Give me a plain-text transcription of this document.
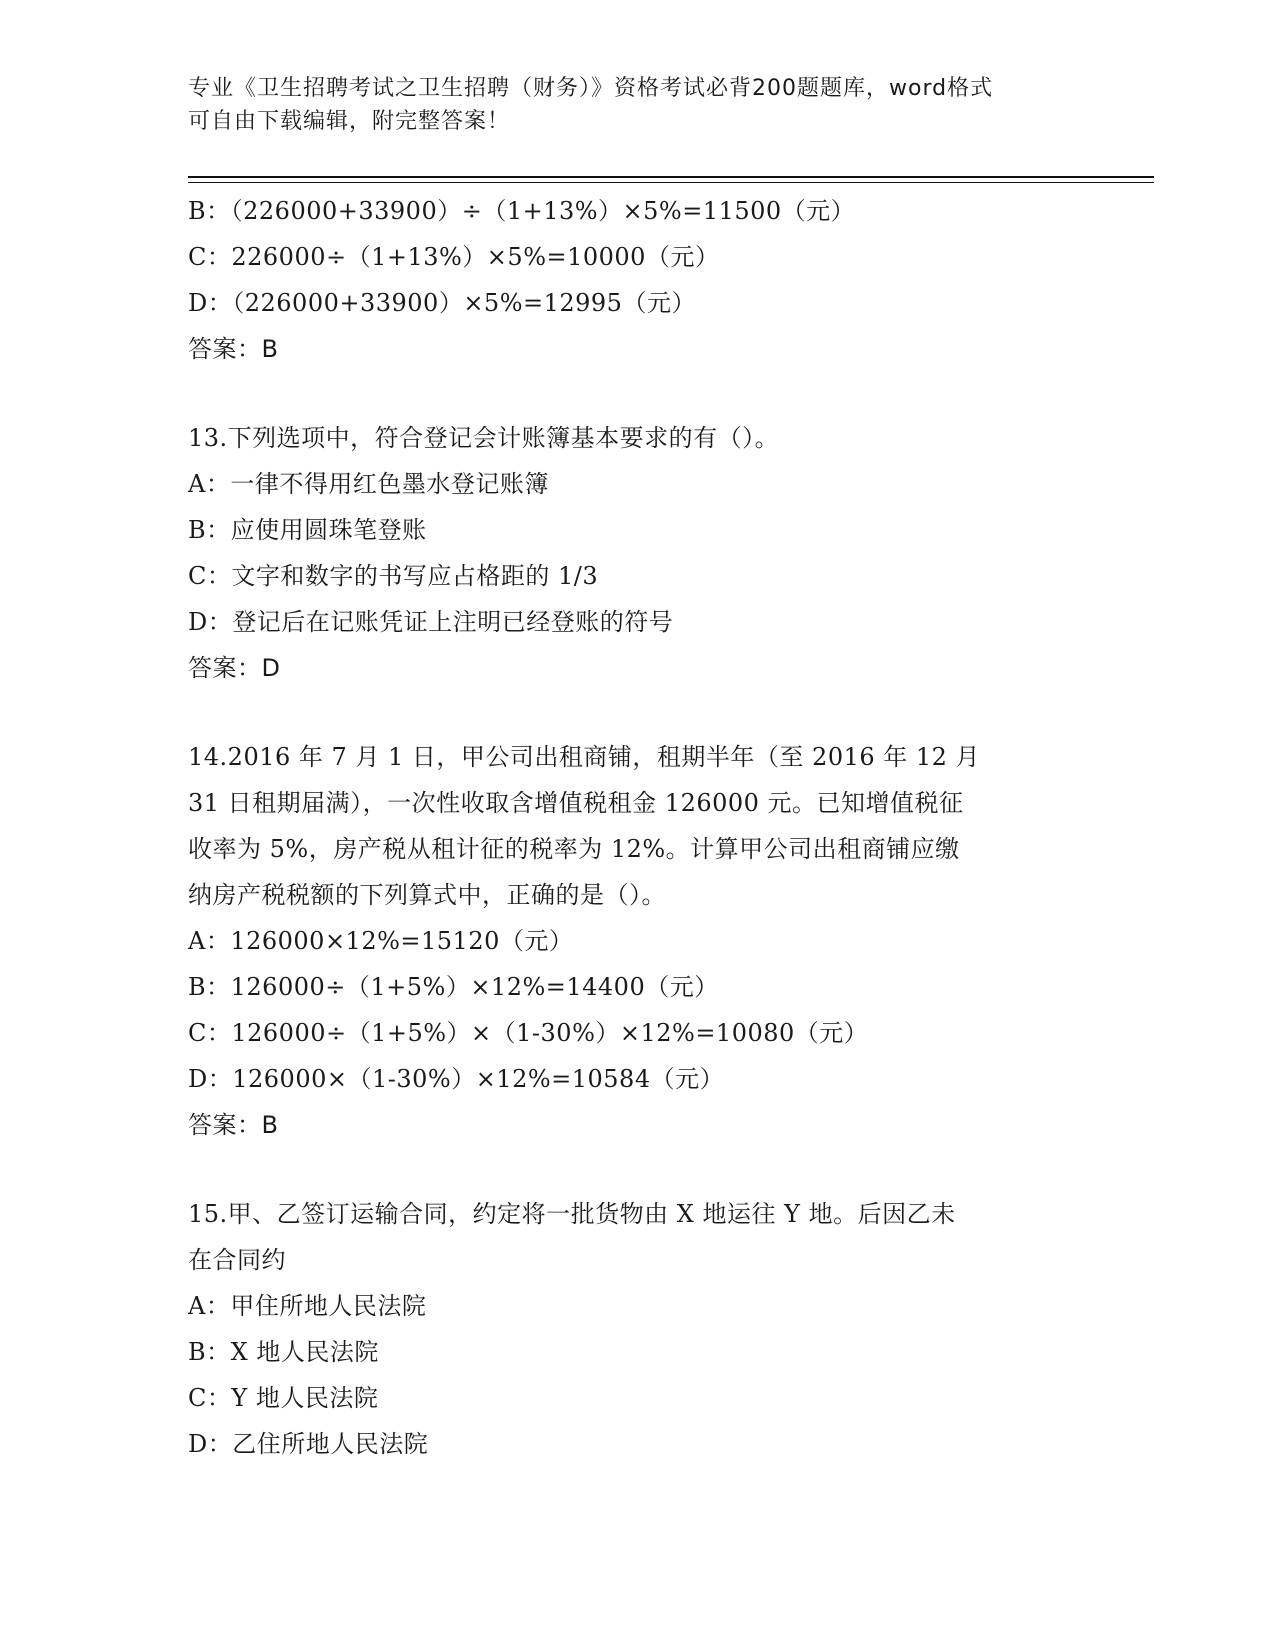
专业《卫生招聘考试之卫生招聘（财务）》资格考试必背200题题库，word格式
可自由下载编辑，附完整答案！
B：（226000+33900）÷（1+13%）×5%=11500（元）
C：226000÷（1+13%）×5%=10000（元）
D：（226000+33900）×5%=12995（元）
答案：B
13.下列选项中，符合登记会计账簿基本要求的有（）。
A：一律不得用红色墨水登记账簿
B：应使用圆珠笔登账
C：文字和数字的书写应占格距的 1/3
D：登记后在记账凭证上注明已经登账的符号
答案：D
14.2016 年 7 月 1 日，甲公司出租商铺，租期半年（至 2016 年 12 月
31 日租期届满），一次性收取含增值税租金 126000 元。已知增值税征
收率为 5%，房产税从租计征的税率为 12%。计算甲公司出租商铺应缴
纳房产税税额的下列算式中，正确的是（）。
A：126000×12%=15120（元）
B：126000÷（1+5%）×12%=14400（元）
C：126000÷（1+5%）×（1-30%）×12%=10080（元）
D：126000×（1-30%）×12%=10584（元）
答案：B
15.甲、乙签订运输合同，约定将一批货物由 X 地运往 Y 地。后因乙未
在合同约
A：甲住所地人民法院
B：X 地人民法院
C：Y 地人民法院
D：乙住所地人民法院
